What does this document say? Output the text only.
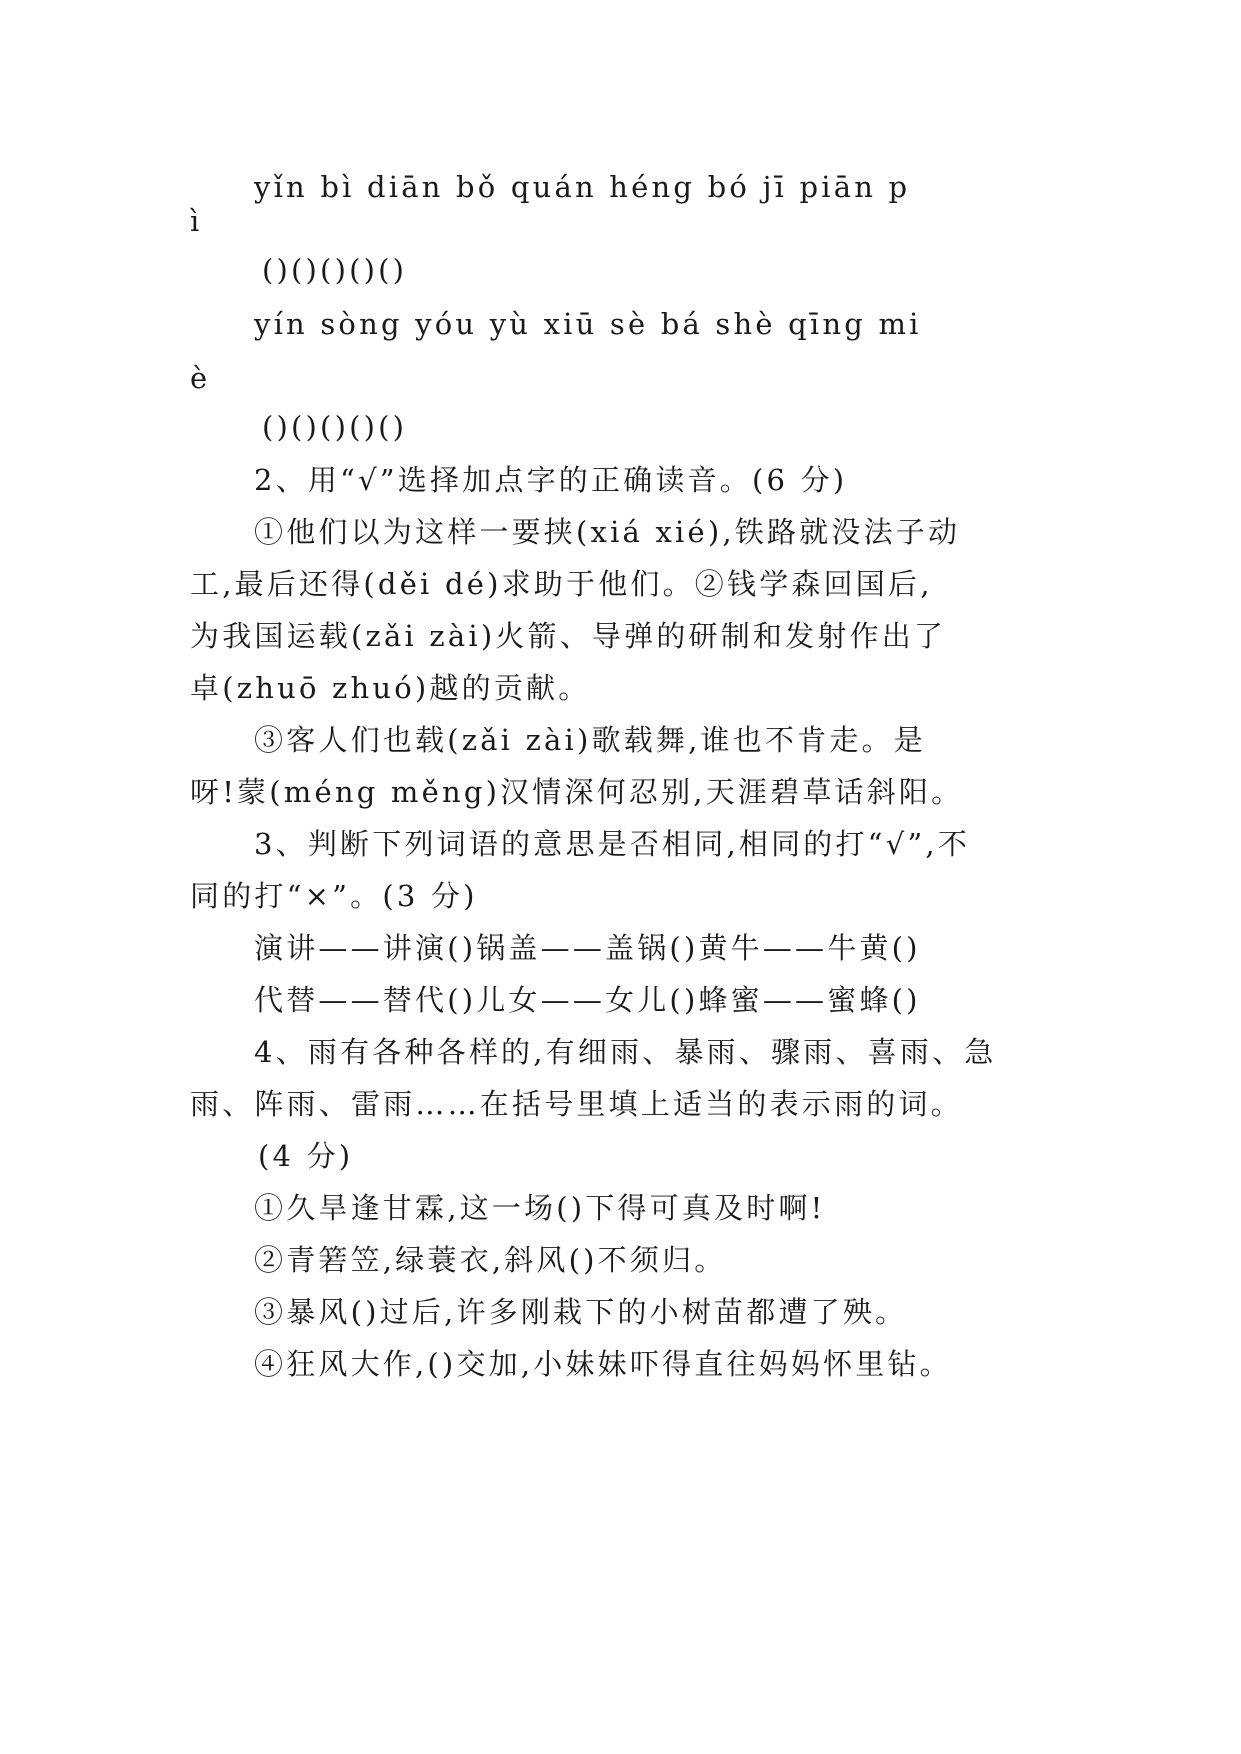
yǐn bì diān bǒ quán héng bó jī piān p
ì
()()()()()
yín sòng yóu yù xiū sè bá shè qīng mi
è
()()()()()
2、用“√”选择加点字的正确读音。(6 分)
①他们以为这样一要挟(xiá xié),铁路就没法子动
工,最后还得(děi dé)求助于他们。②钱学森回国后,
为我国运载(zǎi zài)火箭、导弹的研制和发射作出了
卓(zhuō zhuó)越的贡献。
③客人们也载(zǎi zài)歌载舞,谁也不肯走。是
呀!蒙(méng měng)汉情深何忍别,天涯碧草话斜阳。
3、判断下列词语的意思是否相同,相同的打“√”,不
同的打“×”。(3 分)
演讲——讲演()锅盖——盖锅()黄牛——牛黄()
代替——替代()儿女——女儿()蜂蜜——蜜蜂()
4、雨有各种各样的,有细雨、暴雨、骤雨、喜雨、急
雨、阵雨、雷雨……在括号里填上适当的表示雨的词。
(4 分)
①久旱逢甘霖,这一场()下得可真及时啊!
②青箬笠,绿蓑衣,斜风()不须归。
③暴风()过后,许多刚栽下的小树苗都遭了殃。
④狂风大作,()交加,小妹妹吓得直往妈妈怀里钻。
